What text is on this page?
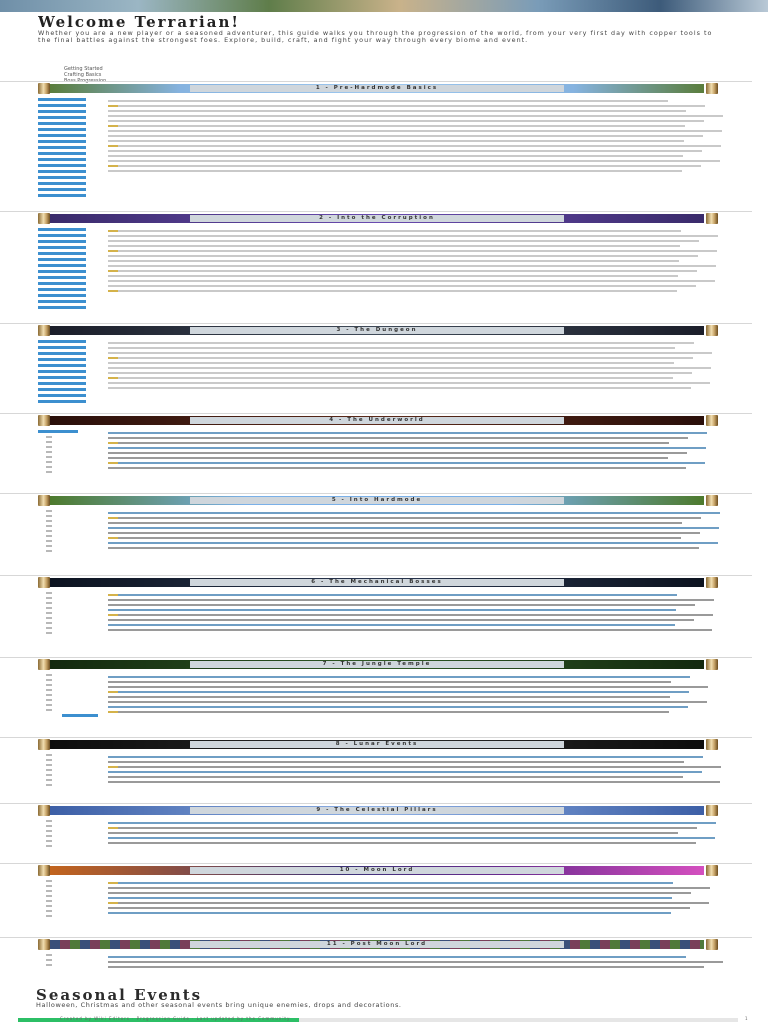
Welcome Terrarian!

Whether you are a new player or a seasoned adventurer, this guide walks you through the progression of the world, from your very first day with copper tools to the final battles against the strongest foes. Explore, build, craft, and fight your way through every biome and event.

Getting Started
Crafting Basics
1 - Pre-Hardmode Basics
2 - Into the Corruption
3 - The Dungeon
4 - The Underworld
5 - Into Hardmode
6 - The Mechanical Bosses
7 - The Jungle Temple
8 - Lunar Events
9 - The Celestial Pillars
10 - Moon Lord
11 - Post Moon Lord
Seasonal Events
Halloween, Christmas and other seasonal events bring unique enemies, drops and decorations.
Created by Wiki Editors · Progression Guide · Last updated by the Community	1
